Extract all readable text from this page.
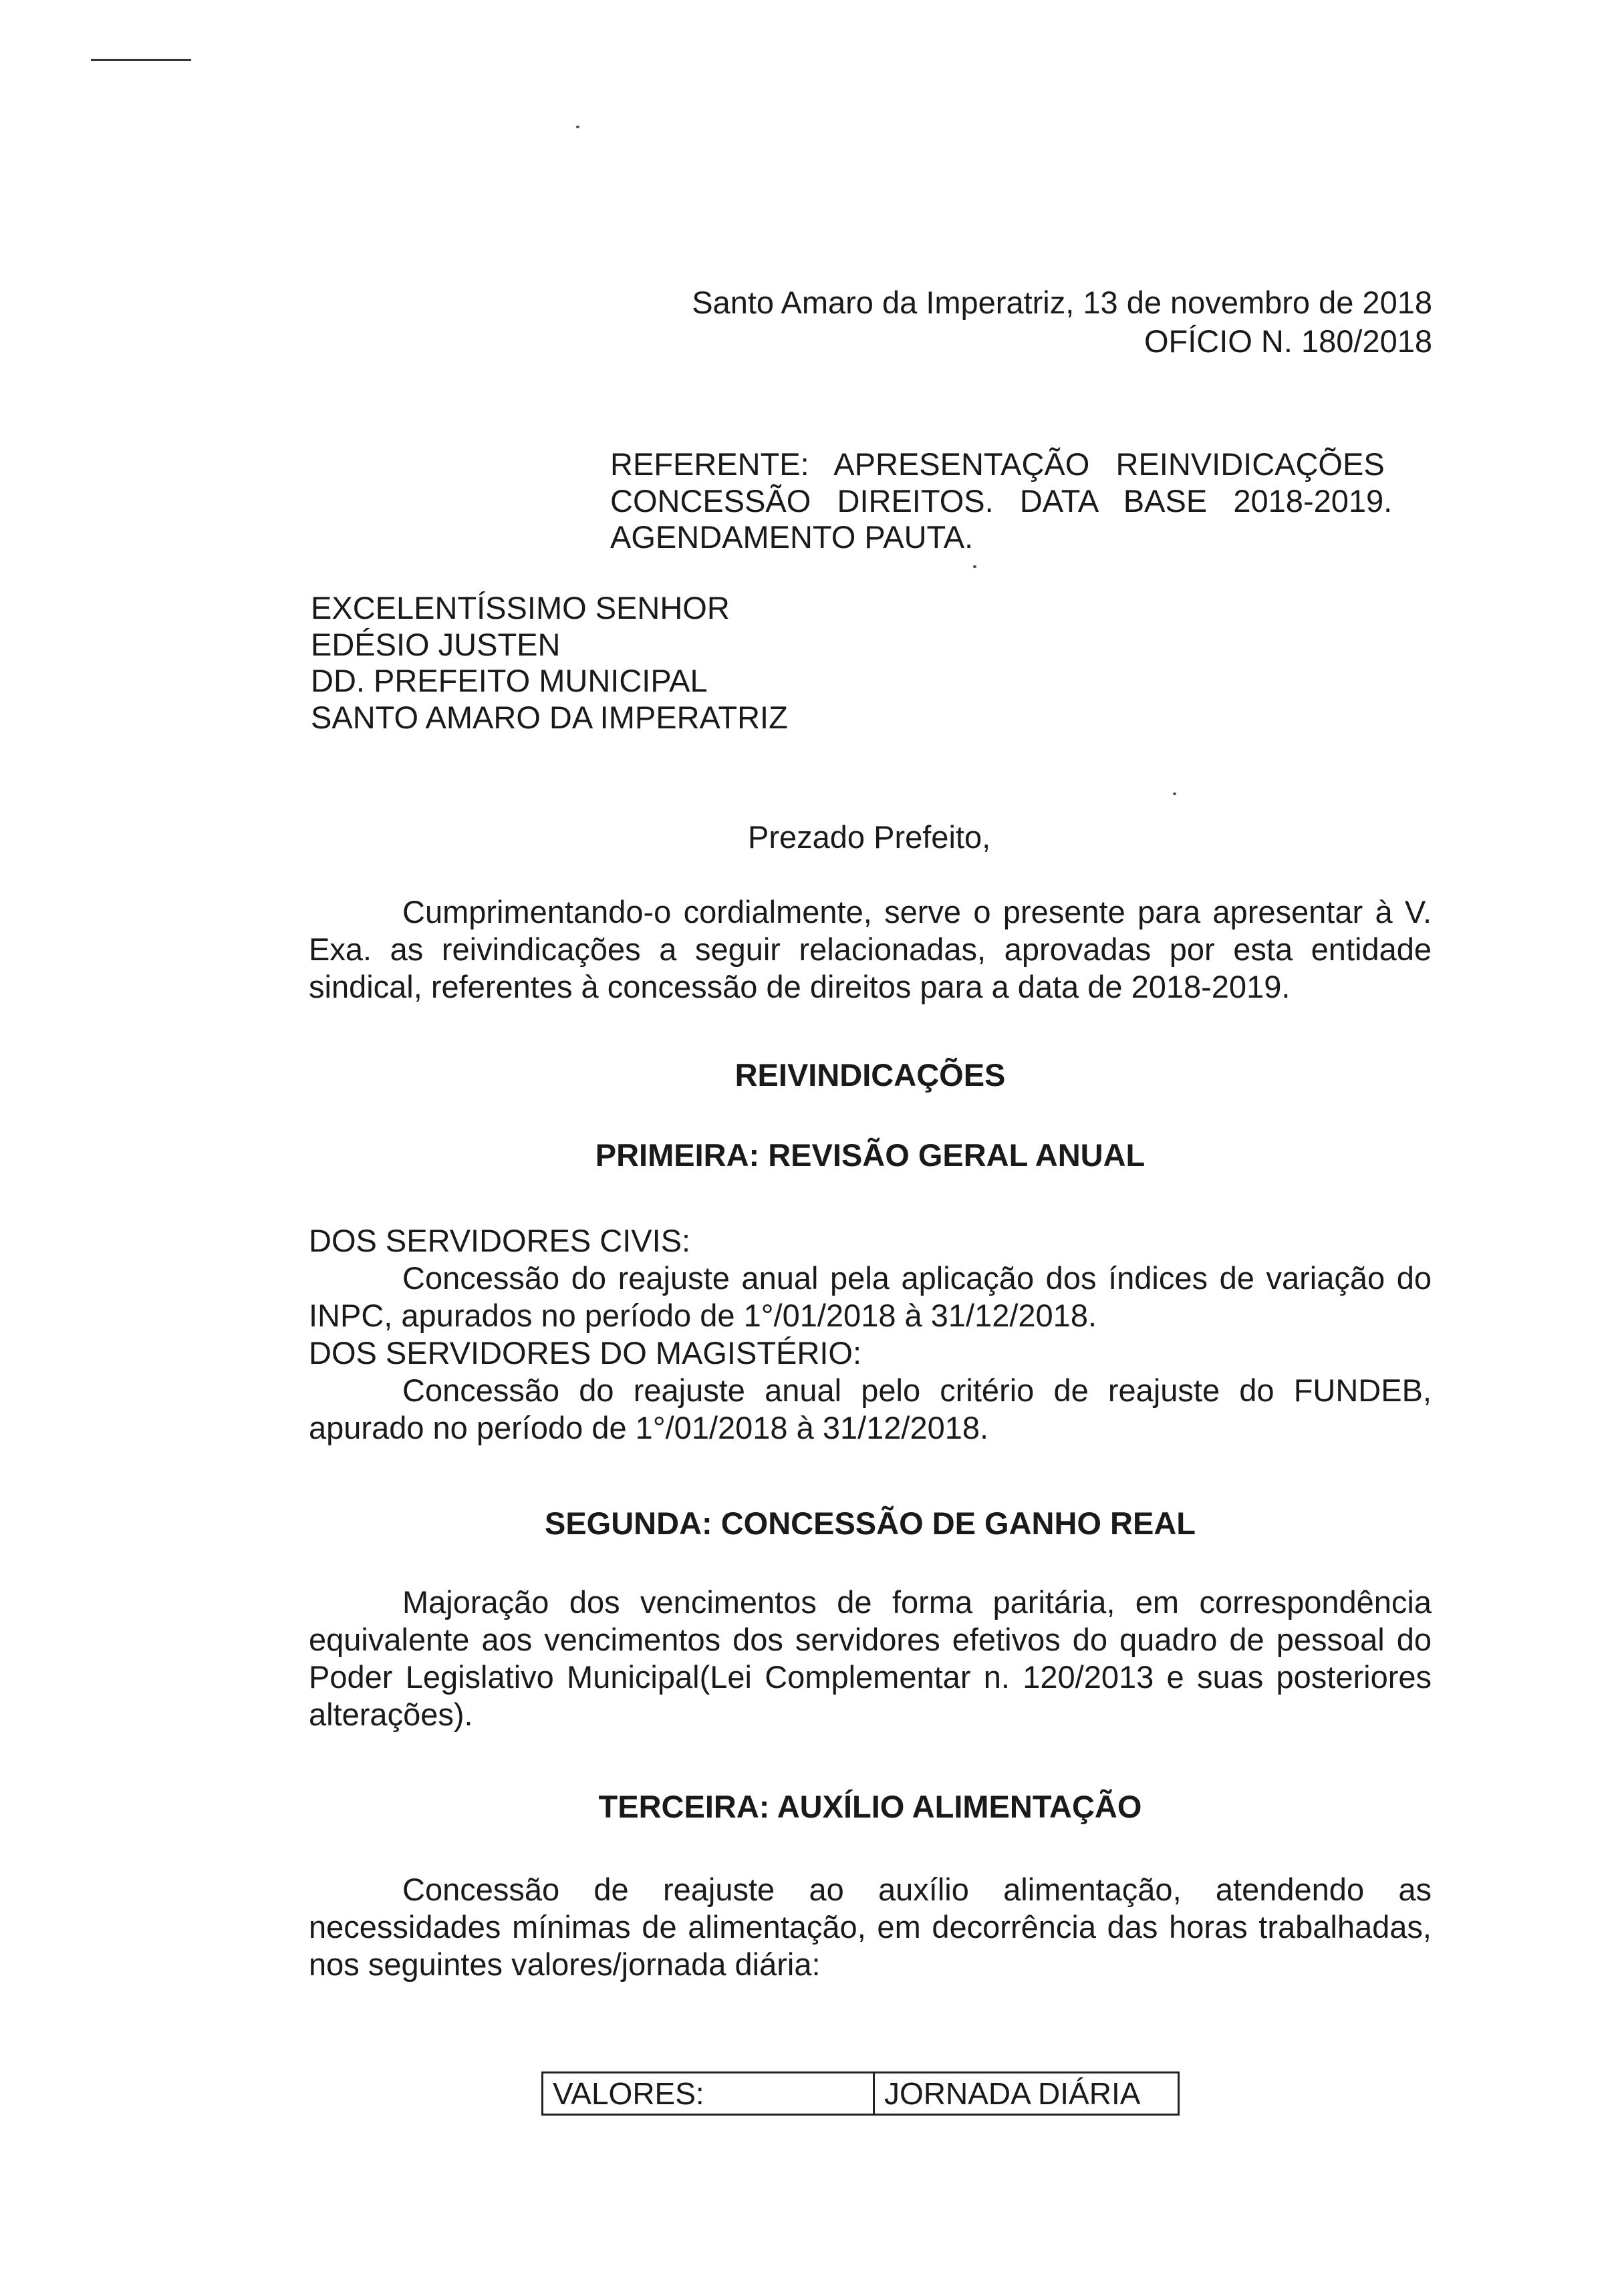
Santo Amaro da Imperatriz, 13 de novembro de 2018
OFÍCIO N. 180/2018
REFERENTE:   APRESENTAÇÃO   REINVIDICAÇÕES
CONCESSÃO   DIREITOS.   DATA   BASE   2018-2019.
AGENDAMENTO PAUTA.
EXCELENTÍSSIMO SENHOR
EDÉSIO JUSTEN
DD. PREFEITO MUNICIPAL
SANTO AMARO DA IMPERATRIZ
Prezado Prefeito,

Cumprimentando-o cordialmente, serve o presente para apresentar à V. Exa. as reivindicações a seguir relacionadas, aprovadas por esta entidade sindical, referentes à concessão de direitos para a data de 2018-2019.

REIVINDICAÇÕES

PRIMEIRA: REVISÃO GERAL ANUAL

DOS SERVIDORES CIVIS:

Concessão do reajuste anual pela aplicação dos índices de variação do INPC, apurados no período de 1°/01/2018 à 31/12/2018.

DOS SERVIDORES DO MAGISTÉRIO:

Concessão do reajuste anual pelo critério de reajuste do FUNDEB, apurado no período de 1°/01/2018 à 31/12/2018.

SEGUNDA: CONCESSÃO DE GANHO REAL

Majoração dos vencimentos de forma paritária, em correspondência equivalente aos vencimentos dos servidores efetivos do quadro de pessoal do Poder Legislativo Municipal(Lei Complementar n. 120/2013 e suas posteriores alterações).

TERCEIRA: AUXÍLIO ALIMENTAÇÃO

Concessão de reajuste ao auxílio alimentação, atendendo as necessidades mínimas de alimentação, em decorrência das horas trabalhadas, nos seguintes valores/jornada diária:

VALORES:	JORNADA DIÁRIA
